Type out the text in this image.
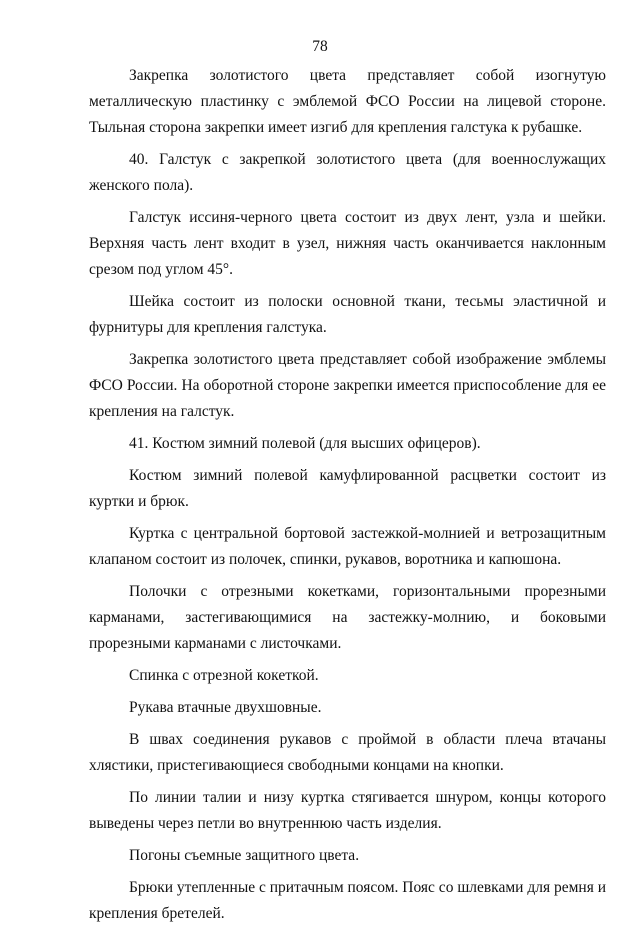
78

Закрепка золотистого цвета представляет собой изогнутую металлическую пластинку с эмблемой ФСО России на лицевой стороне. Тыльная сторона закрепки имеет изгиб для крепления галстука к рубашке.

40. Галстук с закрепкой золотистого цвета (для военнослужащих женского пола).

Галстук иссиня-черного цвета состоит из двух лент, узла и шейки. Верхняя часть лент входит в узел, нижняя часть оканчивается наклонным срезом под углом 45°.

Шейка состоит из полоски основной ткани, тесьмы эластичной и фурнитуры для крепления галстука.

Закрепка золотистого цвета представляет собой изображение эмблемы ФСО России. На оборотной стороне закрепки имеется приспособление для ее крепления на галстук.

41. Костюм зимний полевой (для высших офицеров).

Костюм зимний полевой камуфлированной расцветки состоит из куртки и брюк.

Куртка с центральной бортовой застежкой-молнией и ветрозащитным клапаном состоит из полочек, спинки, рукавов, воротника и капюшона.

Полочки с отрезными кокетками, горизонтальными прорезными карманами, застегивающимися на застежку-молнию, и боковыми прорезными карманами с листочками.

Спинка с отрезной кокеткой.

Рукава втачные двухшовные.

В швах соединения рукавов с проймой в области плеча втачаны хлястики, пристегивающиеся свободными концами на кнопки.

По линии талии и низу куртка стягивается шнуром, концы которого выведены через петли во внутреннюю часть изделия.

Погоны съемные защитного цвета.

Брюки утепленные с притачным поясом. Пояс со шлевками для ремня и крепления бретелей.
